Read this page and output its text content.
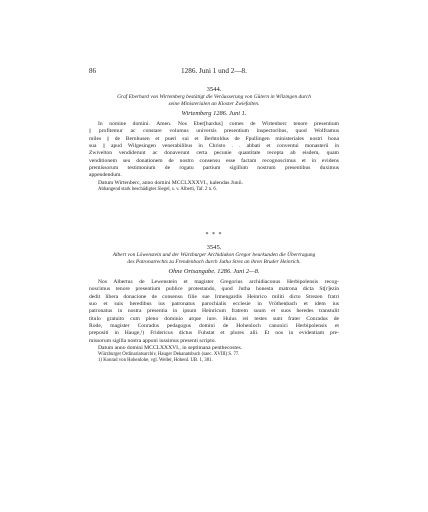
1286. Juni 1 und 2—8.
86
3544.
Graf Eberhard von Wirtemberg bestätigt die Veräusserung von Gütern in Wilzingen durch
seine Ministerialen an Kloster Zwiefalten.
Wirtemberg 1286. Juni 1.
In nomine domini. Amen. Nos Eber[hardus] comes de Wirtenberc tenore presentium
|| profitemur ac constare volumus universis presentium inspectoribus, quod Wolframus
miles || de Bernhusen et pueri sui et Berhtoldus de Fpullingen ministeriales nostri bona
sua || apud Wilgesingen venerabilibus in Christo . . abbati et conventui monasterii in
Zwivelton vendiderunt ac donaverunt certa pecunie quantitate recepta ab eisdem, quam
venditionem seu donationem de nostro consensu esse factam recognoscimus et in evidens
premissorum testimonium de rogatu partium sigillum nostrum presentibus duximus
appendendum.
Datum Wirtenberc, anno domini MCCLXXXVI., kalendas Junii.
Abhangend stark beschädigtes Siegel, s. v. Alberti, Taf. 2 n. 6.
* * *
3545.
Albert von Löwenstein und der Würzburger Archidiakon Gregor beurkunden die Übertragung
des Patronatrechts zu Frendenbach durch Jutha Strez an ihren Bruder Heinrich.
Ohne Ortsangabe. 1286. Juni 2—8.
Nos Albertus de Lewenstein et magister Gregorius archidiaconus Herbipolensis recog-
noscimus tenore presentium publice protestando, quod Jutha honesta matrona dicta St[r]ezin
dedit libera donacione de consensu filie sue Irmengardis Heinrico militi dicto Strezen fratri
suo et suis heredibus ius patronatus parochialis ecclesie in Vröthenbach et idem ius
patronatus in nostra presentia in ipsum Heinricum fratrem suum et suos heredes transtulit
titulo gratuito cum pleno dominio atque iure. Huius rei testes sunt frater Conradus de
Rode, magister Conradus pedagogus domini de Hohenloch canonici Herbipolensis et
prepositi in Hauge,¹) Fridericus dictus Fuhstat et plures alii. Et nos in evidentiam pre-
missorum sigilla nostra apponi iussimus presenti scripto.
Datum anno domini MCCLXXXVI., in septimana penthecostes.
Würzburger Ordinariatsarchiv, Hauger Dekanatsbuch (saec. XVIII) S. 77.
1) Konrad von Hohenlohe, vgl. Weller, Hohenl. UB. 1, 381.
